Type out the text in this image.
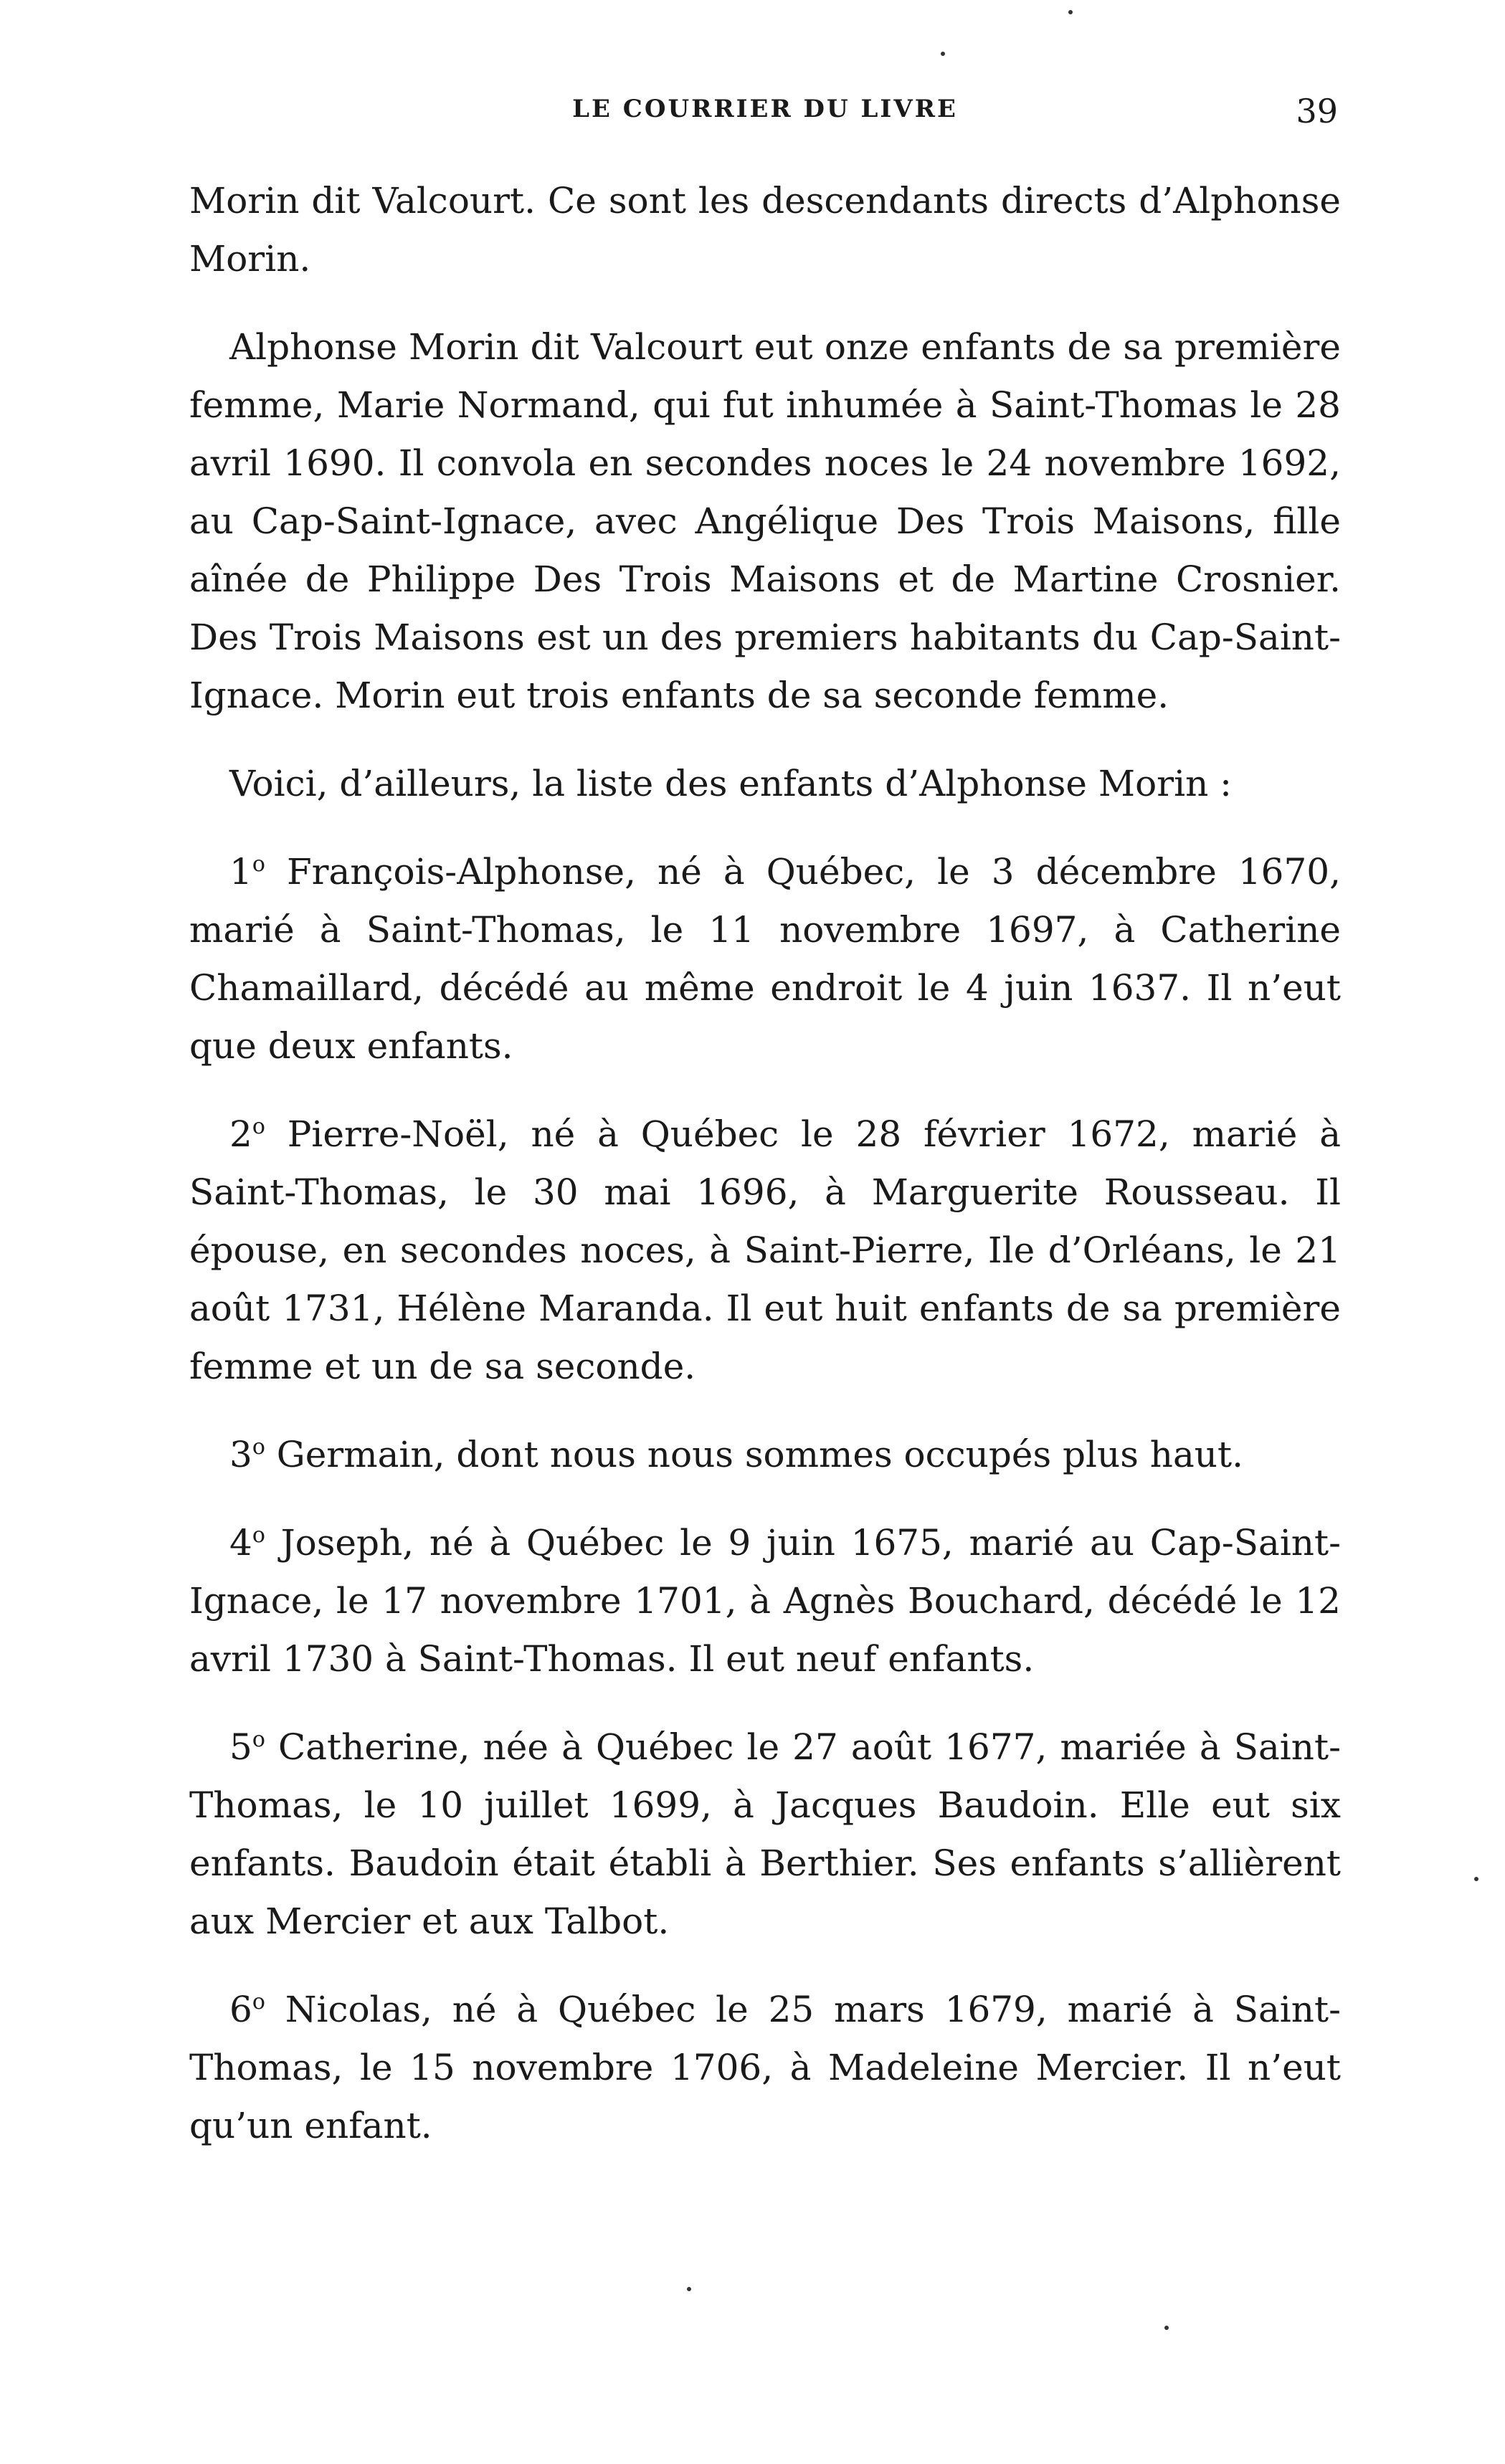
LE COURRIER DU LIVRE	39

Morin dit Valcourt. Ce sont les descendants directs d’Alphonse Morin.

Alphonse Morin dit Valcourt eut onze enfants de sa première femme, Marie Normand, qui fut inhumée à Saint-Thomas le 28 avril 1690. Il convola en secondes noces le 24 novembre 1692, au Cap-Saint-Ignace, avec Angélique Des Trois Maisons, fille aînée de Philippe Des Trois Maisons et de Martine Crosnier. Des Trois Maisons est un des premiers habitants du Cap-Saint-Ignace. Morin eut trois enfants de sa seconde femme.

Voici, d’ailleurs, la liste des enfants d’Alphonse Morin :

1$^o$ François-Alphonse, né à Québec, le 3 décembre 1670, marié à Saint-Thomas, le 11 novembre 1697, à Catherine Chamaillard, décédé au même endroit le 4 juin 1637. Il n’eut que deux enfants.

2$^o$ Pierre-Noël, né à Québec le 28 février 1672, marié à Saint-Thomas, le 30 mai 1696, à Marguerite Rousseau. Il épouse, en secondes noces, à Saint-Pierre, Ile d’Orléans, le 21 août 1731, Hélène Maranda. Il eut huit enfants de sa première femme et un de sa seconde.

3$^o$ Germain, dont nous nous sommes occupés plus haut.

4$^o$ Joseph, né à Québec le 9 juin 1675, marié au Cap-Saint-Ignace, le 17 novembre 1701, à Agnès Bouchard, décédé le 12 avril 1730 à Saint-Thomas. Il eut neuf enfants.

5$^o$ Catherine, née à Québec le 27 août 1677, mariée à Saint-Thomas, le 10 juillet 1699, à Jacques Baudoin. Elle eut six enfants. Baudoin était établi à Berthier. Ses enfants s’allièrent aux Mercier et aux Talbot.

6$^o$ Nicolas, né à Québec le 25 mars 1679, marié à Saint-Thomas, le 15 novembre 1706, à Madeleine Mercier. Il n’eut qu’un enfant.
